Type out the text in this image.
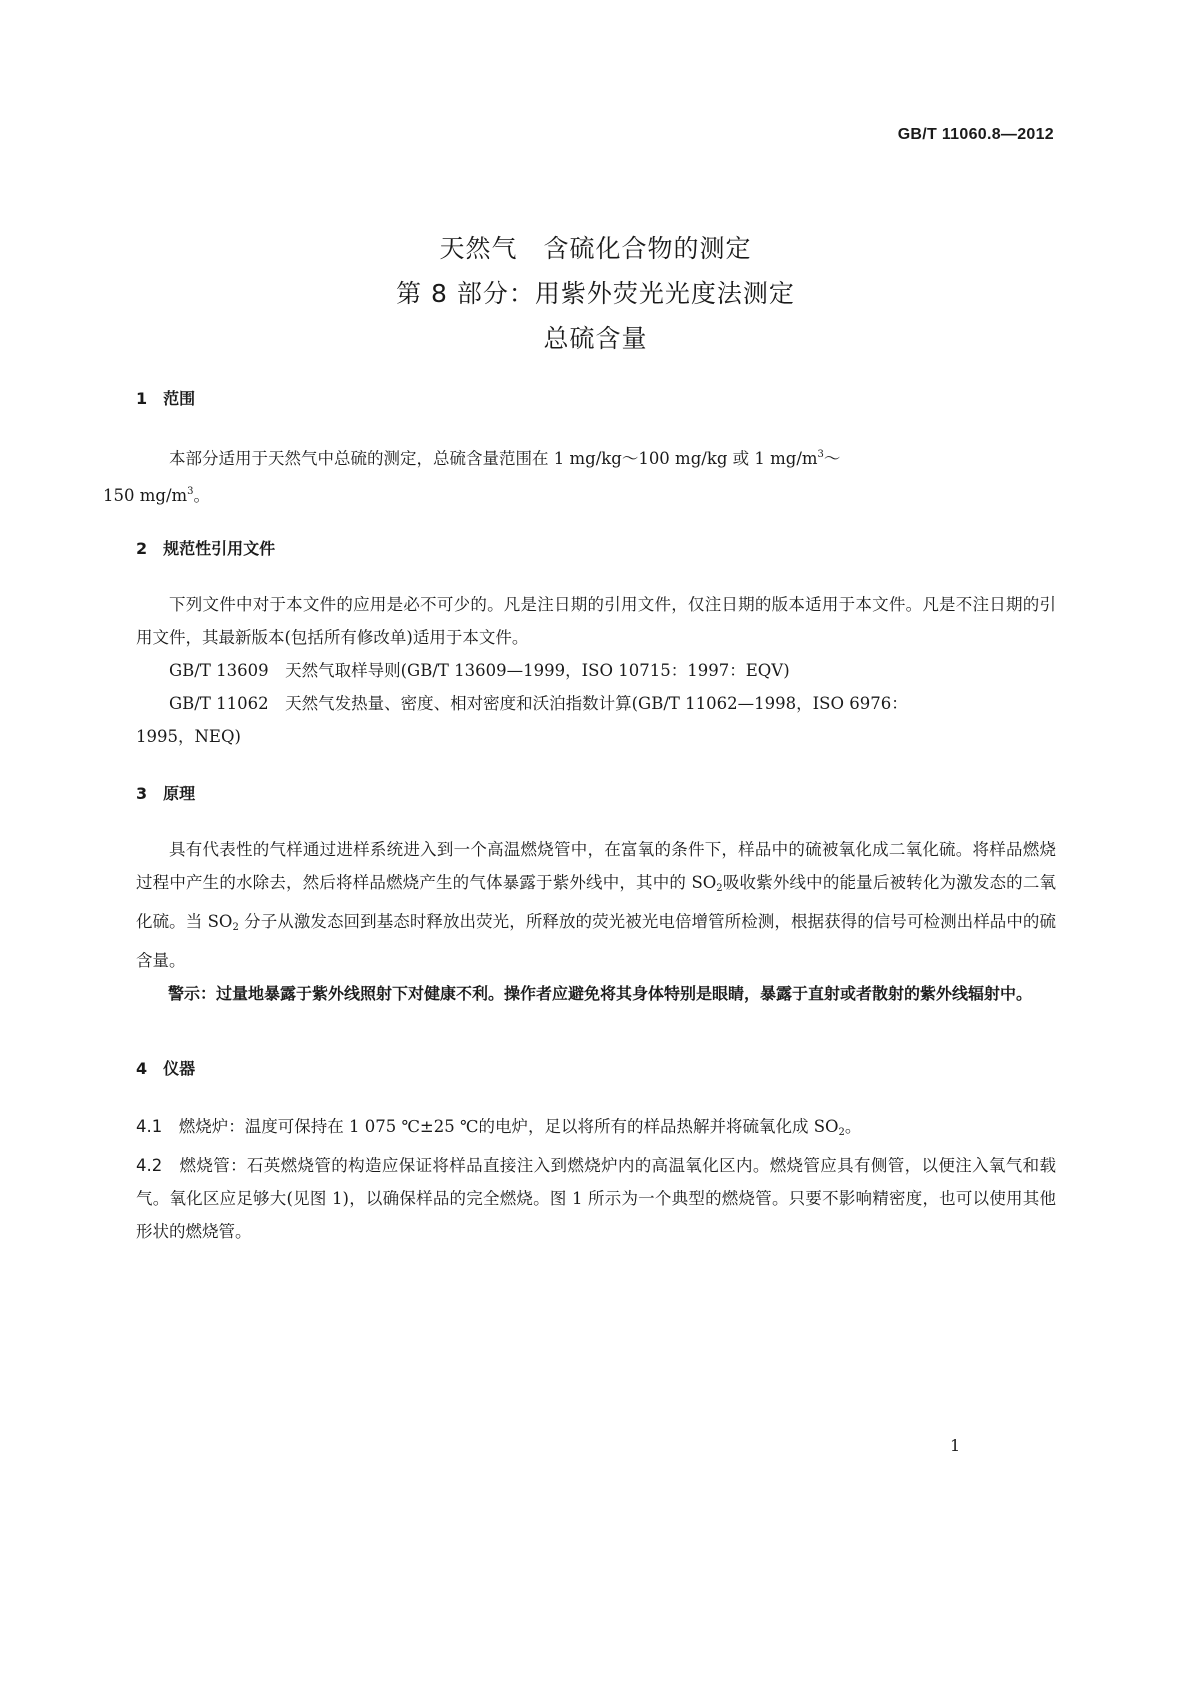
GB/T 11060.8—2012
天然气　含硫化合物的测定
第 8 部分：用紫外荧光光度法测定
总硫含量
1　范围

本部分适用于天然气中总硫的测定，总硫含量范围在 1 mg/kg～100 mg/kg 或 1 $mg/m^3\sim$
150 $mg/m^3$。

2　规范性引用文件

下列文件中对于本文件的应用是必不可少的。凡是注日期的引用文件，仅注日期的版本适用于本文件。凡是不注日期的引用文件，其最新版本(包括所有修改单)适用于本文件。

GB/T 13609　天然气取样导则(GB/T 13609—1999，ISO 10715：1997：EQV)

GB/T 11062　天然气发热量、密度、相对密度和沃泊指数计算(GB/T 11062—1998，ISO 6976：

1995，NEQ)

3　原理

具有代表性的气样通过进样系统进入到一个高温燃烧管中，在富氧的条件下，样品中的硫被氧化成二氧化硫。将样品燃烧过程中产生的水除去，然后将样品燃烧产生的气体暴露于紫外线中，其中的 $SO_2$吸收紫外线中的能量后被转化为激发态的二氧化硫。当 $SO_2$ 分子从激发态回到基态时释放出荧光，所释放的荧光被光电倍增管所检测，根据获得的信号可检测出样品中的硫含量。

警示：过量地暴露于紫外线照射下对健康不利。操作者应避免将其身体特别是眼睛，暴露于直射或者散射的紫外线辐射中。

4　仪器

4.1　 燃烧炉：温度可保持在 1 075 ℃±25 ℃的电炉，足以将所有的样品热解并将硫氧化成 $SO_2$。

4.2　 燃烧管：石英燃烧管的构造应保证将样品直接注入到燃烧炉内的高温氧化区内。燃烧管应具有侧管，以便注入氧气和载气。氧化区应足够大(见图 1)，以确保样品的完全燃烧。图 1 所示为一个典型的燃烧管。只要不影响精密度，也可以使用其他形状的燃烧管。

1
